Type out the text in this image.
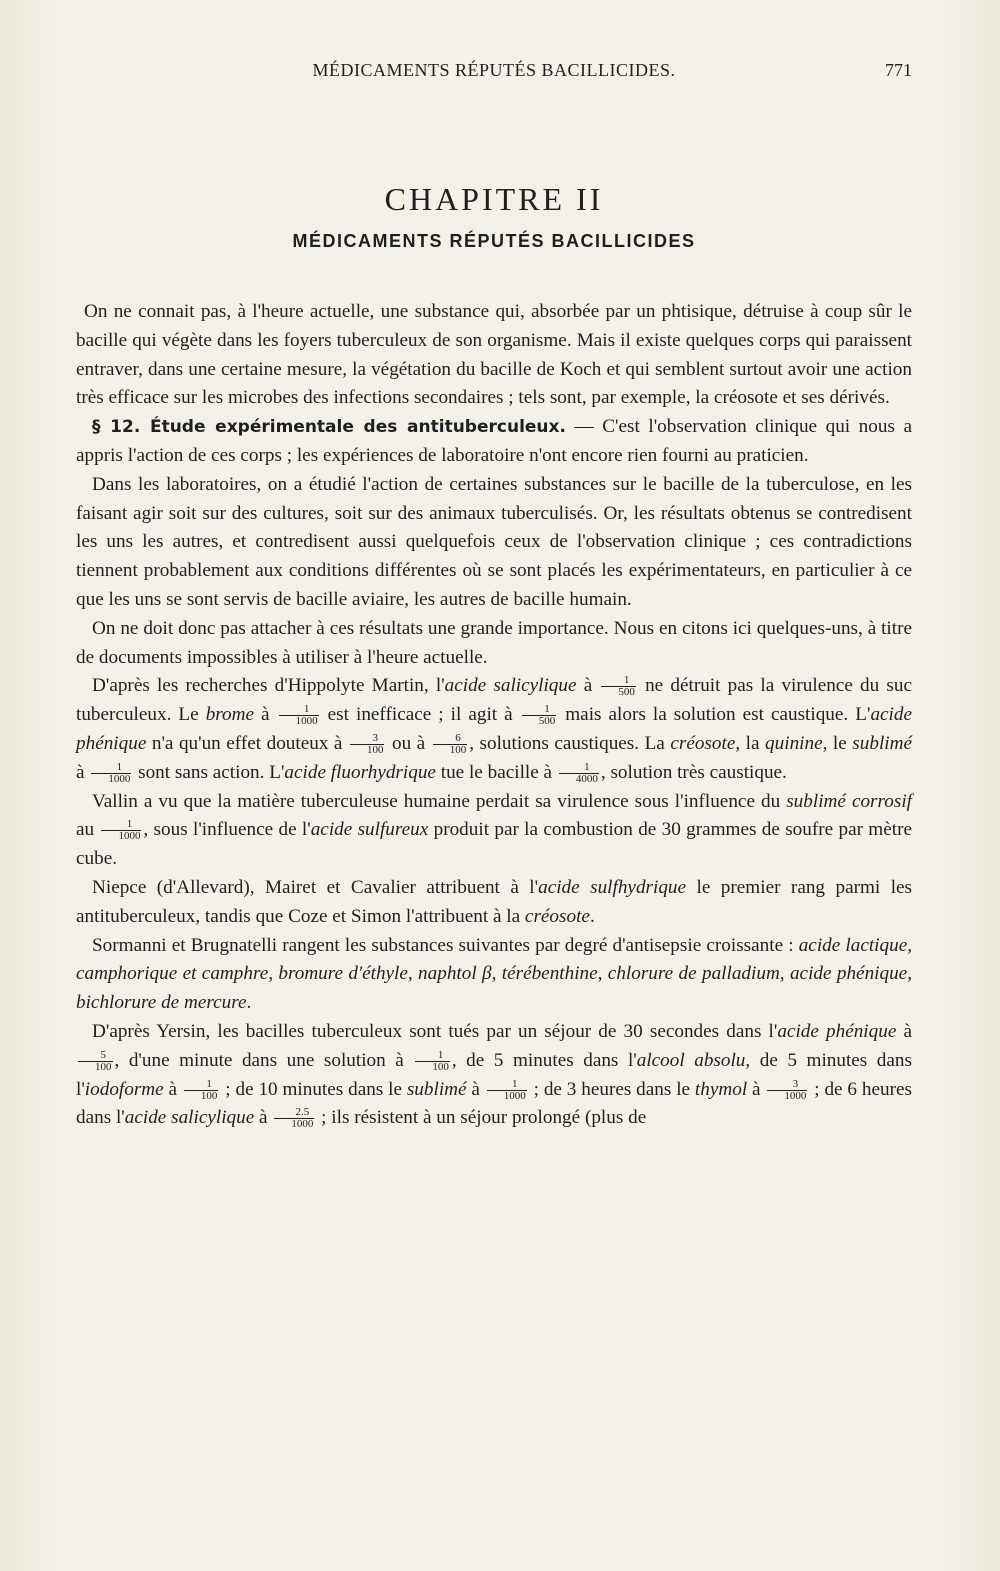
MÉDICAMENTS RÉPUTÉS BACILLICIDES.	771
CHAPITRE II
MÉDICAMENTS RÉPUTÉS BACILLICIDES

On ne connait pas, à l'heure actuelle, une substance qui, absorbée par un phtisique, détruise à coup sûr le bacille qui végète dans les foyers tuberculeux de son organisme. Mais il existe quelques corps qui paraissent entraver, dans une certaine mesure, la végétation du bacille de Koch et qui semblent surtout avoir une action très efficace sur les microbes des infections secondaires ; tels sont, par exemple, la créosote et ses dérivés.

§ 12. Étude expérimentale des antituberculeux. — C'est l'observation clinique qui nous a appris l'action de ces corps ; les expériences de laboratoire n'ont encore rien fourni au praticien.

Dans les laboratoires, on a étudié l'action de certaines substances sur le bacille de la tuberculose, en les faisant agir soit sur des cultures, soit sur des animaux tuberculisés. Or, les résultats obtenus se contredisent les uns les autres, et contredisent aussi quelquefois ceux de l'observation clinique ; ces contradictions tiennent probablement aux conditions différentes où se sont placés les expérimentateurs, en particulier à ce que les uns se sont servis de bacille aviaire, les autres de bacille humain.

On ne doit donc pas attacher à ces résultats une grande importance. Nous en citons ici quelques-uns, à titre de documents impossibles à utiliser à l'heure actuelle.

D'après les recherches d'Hippolyte Martin, l'acide salicylique à $\frac{1}{500}$ ne détruit pas la virulence du suc tuberculeux. Le brome à $\frac{1}{1000}$ est inefficace ; il agit à $\frac{1}{500}$ mais alors la solution est caustique. L'acide phénique n'a qu'un effet douteux à $\frac{3}{100}$ ou à $\frac{6}{100}$ , solutions caustiques. La créosote, la quinine, le sublimé à $\frac{1}{1000}$ sont sans action. L'acide fluorhydrique tue le bacille à $\frac{1}{4000}$ , solution très caustique.

Vallin a vu que la matière tuberculeuse humaine perdait sa virulence sous l'influence du sublimé corrosif au $\frac{1}{1000}$ , sous l'influence de l'acide sulfureux produit par la combustion de 30 grammes de soufre par mètre cube.

Niepce (d'Allevard), Mairet et Cavalier attribuent à l'acide sulfhydrique le premier rang parmi les antituberculeux, tandis que Coze et Simon l'attribuent à la créosote.

Sormanni et Brugnatelli rangent les substances suivantes par degré d'antisepsie croissante : acide lactique, camphorique et camphre, bromure d'éthyle, naphtol β, térébenthine, chlorure de palladium, acide phénique, bichlorure de mercure.

D'après Yersin, les bacilles tuberculeux sont tués par un séjour de 30 secondes dans l'acide phénique à
$\frac{5}{100}$ , d'une minute dans une solution à $\frac{1}{100}$ , de 5 minutes dans l'alcool absolu, de 5 minutes dans l'iodoforme à $\frac{1}{100}$ ; de 10 minutes dans le sublimé à $\frac{1}{1000}$ ; de 3 heures dans le thymol à $\frac{3}{1000}$ ; de 6 heures dans l'acide salicylique à $\frac{2.5}{1000}$ ; ils résistent à un séjour prolongé (plus de
